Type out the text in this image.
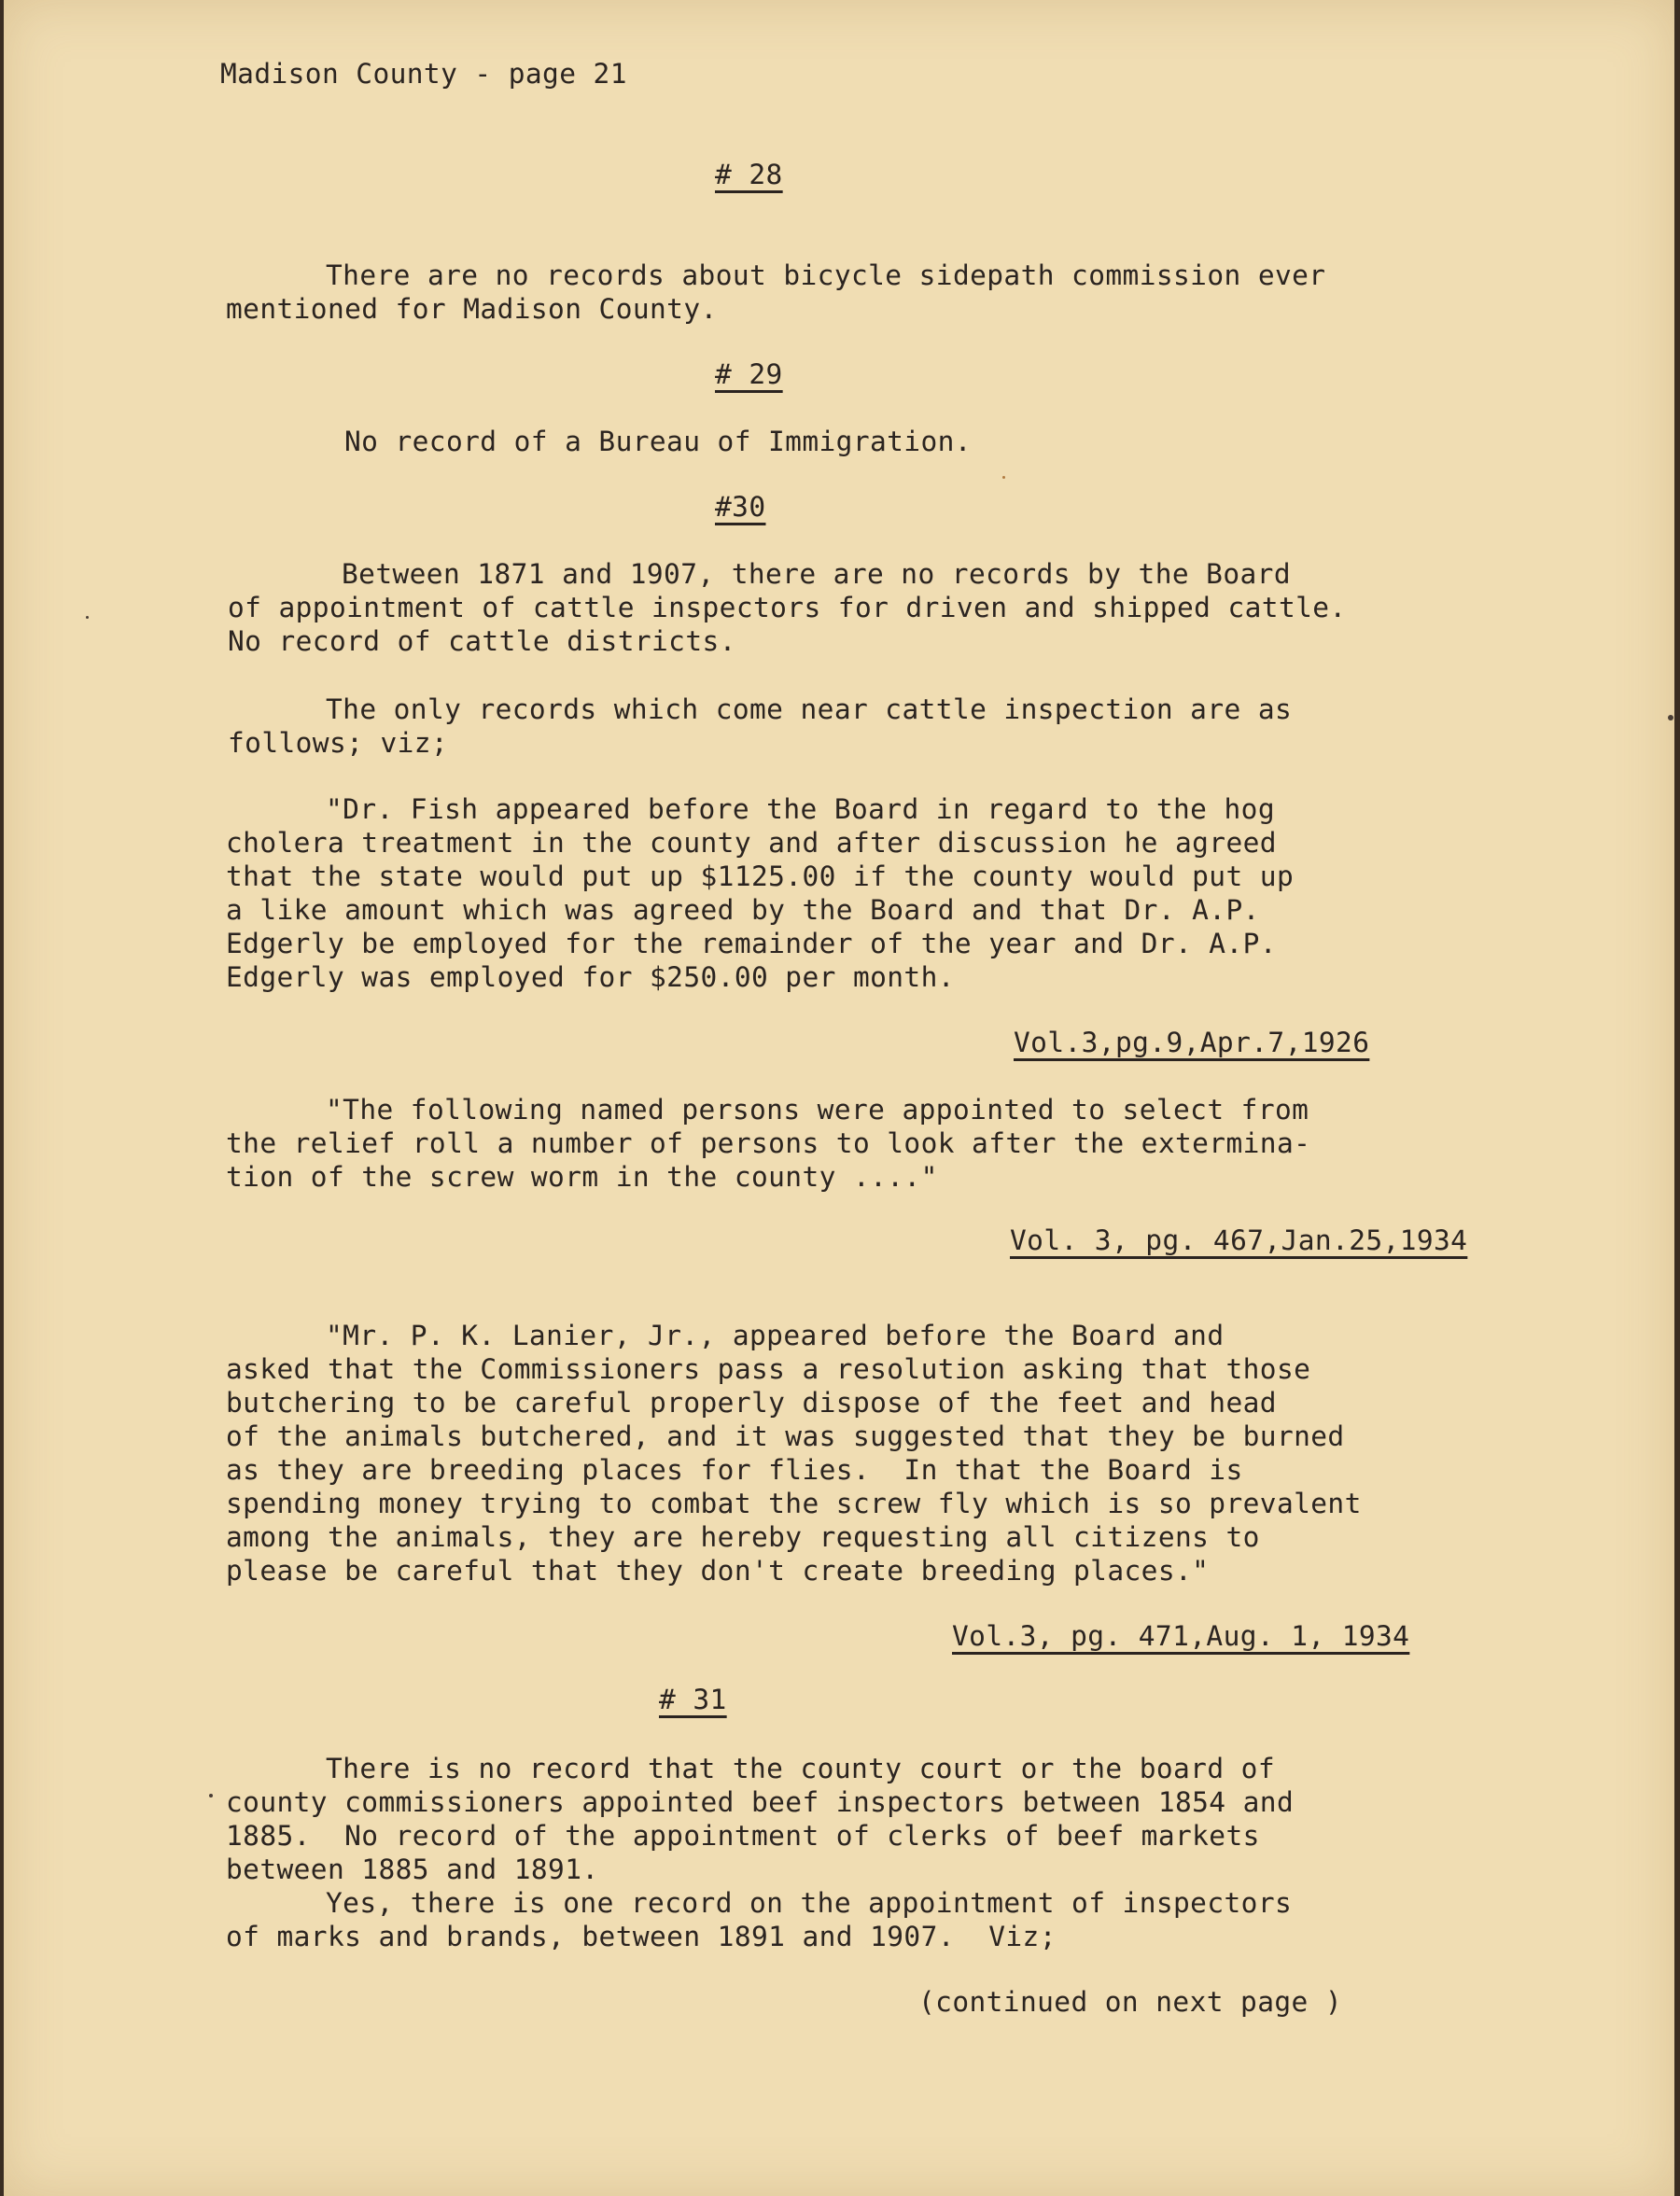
Madison County - page 21

# 28

There are no records about bicycle sidepath commission ever

mentioned for Madison County.

# 29

No record of a Bureau of Immigration.

#30

Between 1871 and 1907, there are no records by the Board

of appointment of cattle inspectors for driven and shipped cattle.

No record of cattle districts.

The only records which come near cattle inspection are as

follows; viz;

"Dr. Fish appeared before the Board in regard to the hog

cholera treatment in the county and after discussion he agreed

that the state would put up $1125.00 if the county would put up

a like amount which was agreed by the Board and that Dr. A.P.

Edgerly be employed for the remainder of the year and Dr. A.P.

Edgerly was employed for $250.00 per month.

Vol.3,pg.9,Apr.7,1926

"The following named persons were appointed to select from

the relief roll a number of persons to look after the extermina-

tion of the screw worm in the county ...."

Vol. 3, pg. 467,Jan.25,1934

"Mr. P. K. Lanier, Jr., appeared before the Board and

asked that the Commissioners pass a resolution asking that those

butchering to be careful properly dispose of the feet and head

of the animals butchered, and it was suggested that they be burned

as they are breeding places for flies.  In that the Board is

spending money trying to combat the screw fly which is so prevalent

among the animals, they are hereby requesting all citizens to

please be careful that they don't create breeding places."

Vol.3, pg. 471,Aug. 1, 1934

# 31

There is no record that the county court or the board of

county commissioners appointed beef inspectors between 1854 and

1885.  No record of the appointment of clerks of beef markets

between 1885 and 1891.

Yes, there is one record on the appointment of inspectors

of marks and brands, between 1891 and 1907.  Viz;

(continued on next page )
